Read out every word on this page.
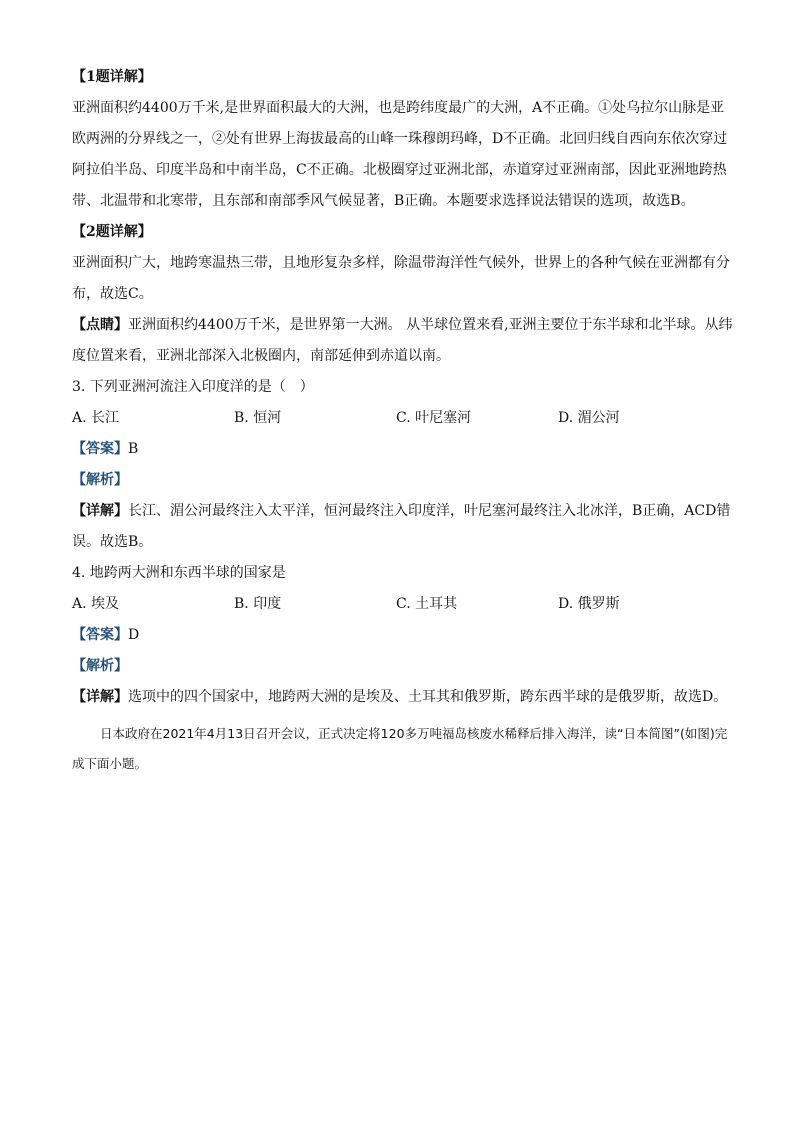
【1题详解】

亚洲面积约4400万千米,是世界面积最大的大洲，也是跨纬度最广的大洲，A不正确。①处乌拉尔山脉是亚欧两洲的分界线之一，②处有世界上海拔最高的山峰一珠穆朗玛峰，D不正确。北回归线自西向东依次穿过阿拉伯半岛、印度半岛和中南半岛，C不正确。北极圈穿过亚洲北部，赤道穿过亚洲南部，因此亚洲地跨热带、北温带和北寒带，且东部和南部季风气候显著，B正确。本题要求选择说法错误的选项，故选B。

【2题详解】

亚洲面积广大，地跨寒温热三带，且地形复杂多样，除温带海洋性气候外，世界上的各种气候在亚洲都有分布，故选C。

【点睛】亚洲面积约4400万千米，是世界第一大洲。 从半球位置来看,亚洲主要位于东半球和北半球。从纬度位置来看，亚洲北部深入北极圈内，南部延伸到赤道以南。

3. 下列亚洲河流注入印度洋的是（　）

A. 长江	B. 恒河	C. 叶尼塞河	D. 湄公河

【答案】B

【解析】

【详解】长江、湄公河最终注入太平洋，恒河最终注入印度洋，叶尼塞河最终注入北冰洋，B正确，ACD错误。故选B。

4. 地跨两大洲和东西半球的国家是

A. 埃及	B. 印度	C. 土耳其	D. 俄罗斯

【答案】D

【解析】

【详解】选项中的四个国家中，地跨两大洲的是埃及、土耳其和俄罗斯，跨东西半球的是俄罗斯，故选D。

日本政府在2021年4月13日召开会议，正式决定将120多万吨福岛核废水稀释后排入海洋，读“日本简图”(如图)完成下面小题。
